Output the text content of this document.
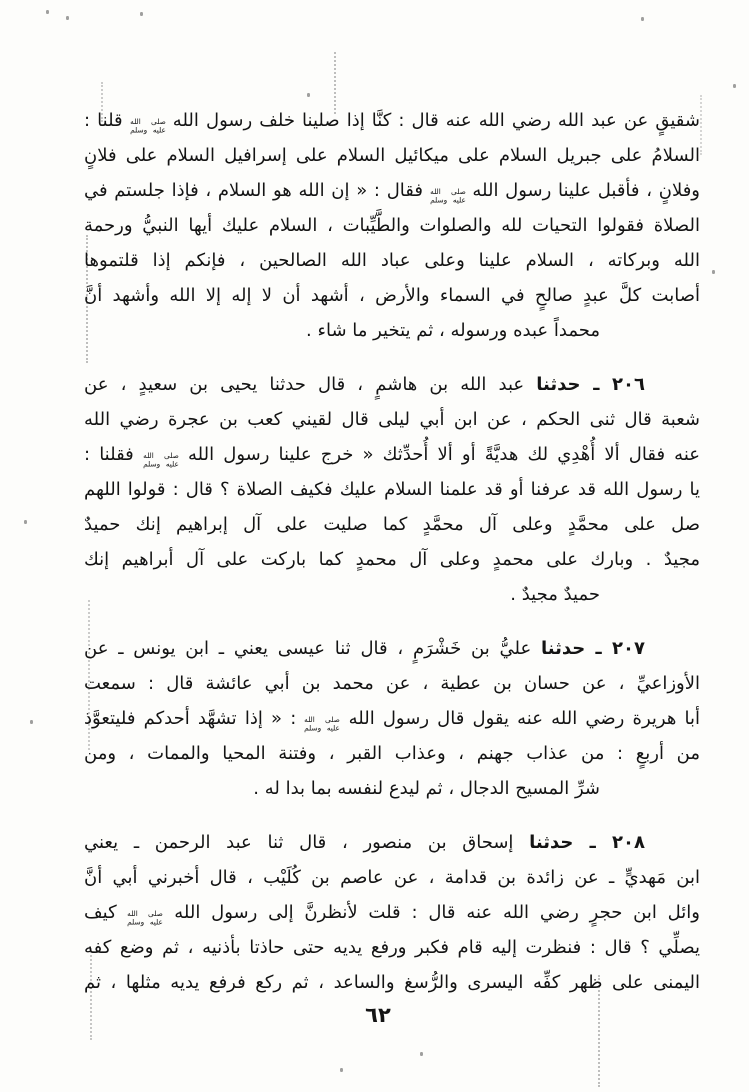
شقيقٍ عن عبد الله رضي الله عنه قال : كنَّا إذا صلينا خلف رسول الله صلى الله
عليه وسلم قلنا :
السلامُ على جبريل السلام على ميكائيل السلام على إسرافيل السلام على فلانٍ
وفلانٍ ، فأقبل علينا رسول الله صلى الله
عليه وسلم فقال : « إن الله هو السلام ، فإذا جلستم في
الصلاة فقولوا التحيات لله والصلوات والطَّيِّبات ، السلام عليك أيها النبيُّ ورحمة
الله وبركاته ، السلام علينا وعلى عباد الله الصالحين ، فإنكم إذا قلتموها
أصابت كلَّ عبدٍ صالحٍ في السماء والأرض ، أشهد أن لا إله إلا الله وأشهد أنَّ
محمداً عبده ورسوله ، ثم يتخير ما شاء .
٢٠٦ ـ حدثنا عبد الله بن هاشمٍ ، قال حدثنا يحيى بن سعيدٍ ، عن
شعبة قال ثنى الحكم ، عن ابن أبي ليلى قال لقيني كعب بن عجرة رضي الله
عنه فقال ألا أُهْدِي لك هديَّةً أو ألا أُحدِّثك « خرج علينا رسول الله صلى الله
عليه وسلم فقلنا :
يا رسول الله قد عرفنا أو قد علمنا السلام عليك فكيف الصلاة ؟ قال : قولوا اللهم
صل على محمَّدٍ وعلى آل محمَّدٍ كما صليت على آل إبراهيم إنك حميدٌ
مجيدٌ . وبارك على محمدٍ وعلى آل محمدٍ كما باركت على آل أبراهيم إنك
حميدٌ مجيدٌ .
٢٠٧ ـ حدثنا عليُّ بن خَشْرَمٍ ، قال ثنا عيسى يعني ـ ابن يونس ـ عن
الأوزاعيِّ ، عن حسان بن عطية ، عن محمد بن أبي عائشة قال : سمعت
أبا هريرة رضي الله عنه يقول قال رسول الله صلى الله
عليه وسلم : « إذا تشهَّد أحدكم فليتعوَّذ
من أربعٍ : من عذاب جهنم ، وعذاب القبر ، وفتنة المحيا والممات ، ومن
شرِّ المسيح الدجال ، ثم ليدع لنفسه بما بدا له .
٢٠٨ ـ حدثنا إسحاق بن منصور ، قال ثنا عبد الرحمن ـ يعني
ابن مَهديٍّ ـ عن زائدة بن قدامة ، عن عاصم بن كُلَيْب ، قال أخبرني أبي أنَّ
وائل ابن حجرٍ رضي الله عنه قال : قلت لأنظرنَّ إلى رسول الله صلى الله
عليه وسلم كيف
يصلِّي ؟ قال : فنظرت إليه قام فكبر ورفع يديه حتى حاذتا بأذنيه ، ثم وضع كفه
اليمنى على ظهر كفِّه اليسرى والرُّسغ والساعد ، ثم ركع فرفع يديه مثلها ، ثم
٦٢
